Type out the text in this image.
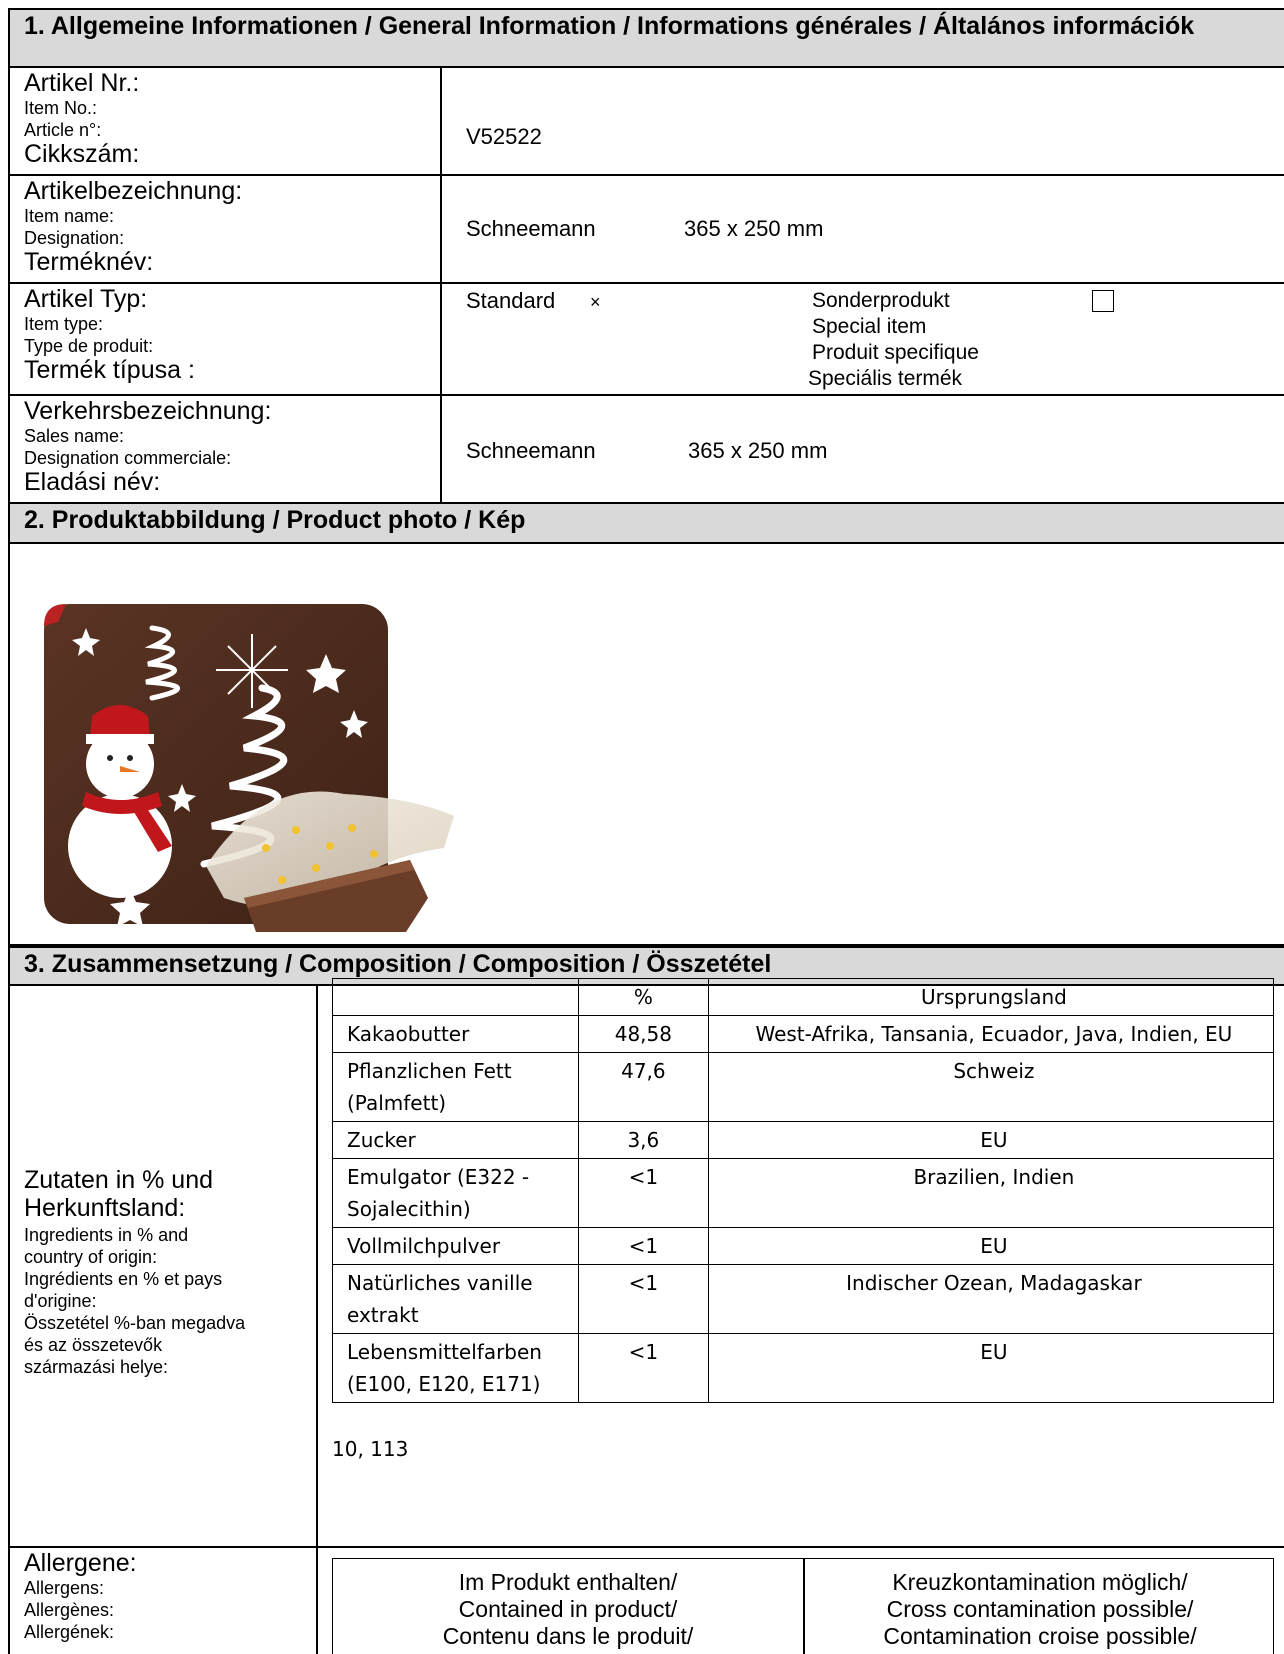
1. Allgemeine Informationen / General Information / Informations générales / Általános információk
Artikel Nr.:
Item No.:
Article n°:
Cikkszám:
V52522
Artikelbezeichnung:
Item name:
Designation:
Terméknév:
Schneemann	365 x 250 mm
Artikel Typ:
Item type:
Type de produit:
Termék típusa :
Standard ×	Sonderprodukt
Special item
Produit specifique
Speciális termék
Verkehrsbezeichnung:
Sales name:
Designation commerciale:
Eladási név:
Schneemann	365 x 250 mm
2. Produktabbildung / Product photo / Kép
3. Zusammensetzung / Composition / Composition / Összetétel
Zutaten in % und
Herkunftsland:
Ingredients in % and
country of origin:
Ingrédients en % et pays
d'origine:
Összetétel %-ban megadva
és az összetevők
származási helye:
	%	Ursprungsland
Kakaobutter	48,58	West-Afrika, Tansania, Ecuador, Java, Indien, EU
Pflanzlichen Fett (Palmfett)	47,6	Schweiz
Zucker	3,6	EU
Emulgator (E322 - Sojalecithin)	<1	Brazilien, Indien
Vollmilchpulver	<1	EU
Natürliches vanille extrakt	<1	Indischer Ozean, Madagaskar
Lebensmittelfarben (E100, E120, E171)	<1	EU
10, 113
Allergene:
Allergens:
Allergènes:
Allergének:
Im Produkt enthalten/
Contained in product/
Contenu dans le produit/
Kreuzkontamination möglich/
Cross contamination possible/
Contamination croise possible/
